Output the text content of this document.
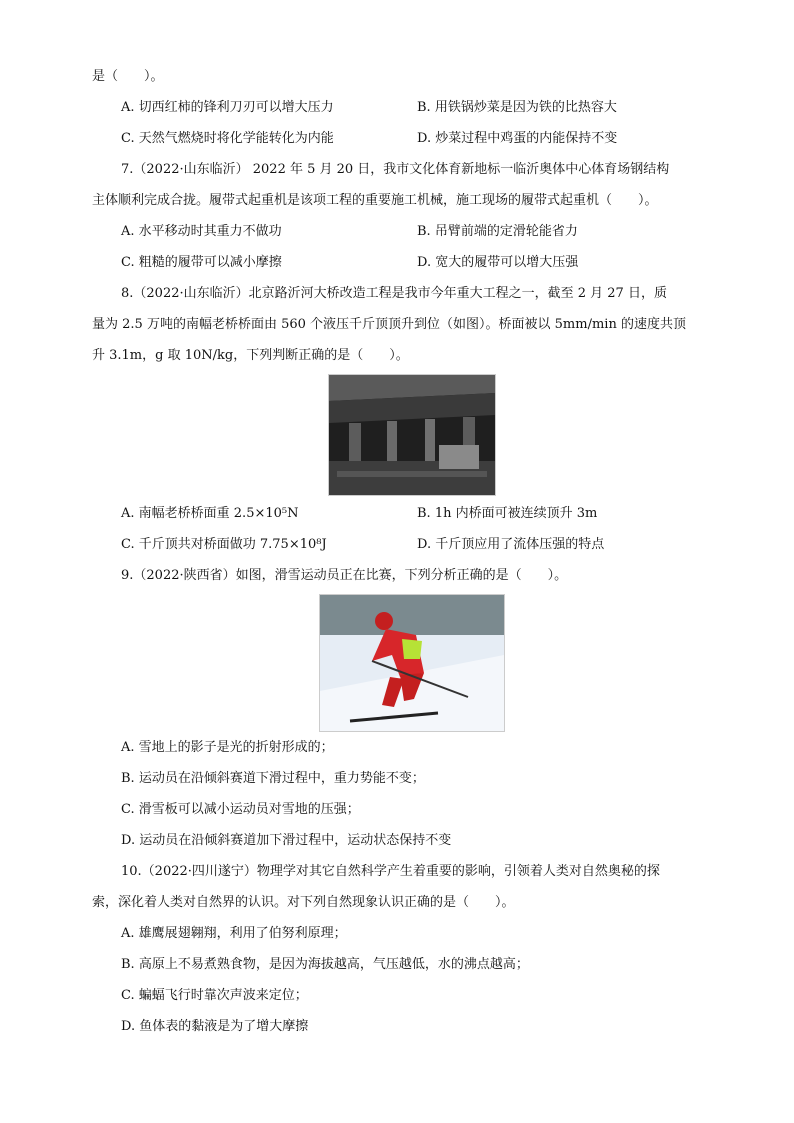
是（　　）。
A. 切西红柿的锋利刀刃可以增大压力	B. 用铁锅炒菜是因为铁的比热容大
C. 天然气燃烧时将化学能转化为内能	D. 炒菜过程中鸡蛋的内能保持不变
7.（2022·山东临沂） 2022 年 5 月 20 日，我市文化体育新地标一临沂奥体中心体育场钢结构
主体顺利完成合拢。履带式起重机是该项工程的重要施工机械，施工现场的履带式起重机（　　）。
A. 水平移动时其重力不做功	B. 吊臂前端的定滑轮能省力
C. 粗糙的履带可以减小摩擦	D. 宽大的履带可以增大压强
8.（2022·山东临沂）北京路沂河大桥改造工程是我市今年重大工程之一，截至 2 月 27 日，质
量为 2.5 万吨的南幅老桥桥面由 560 个液压千斤顶顶升到位（如图）。桥面被以 5mm/min 的速度共顶
升 3.1m，g 取 10N/kg，下列判断正确的是（　　）。
A. 南幅老桥桥面重 2.5×10⁵N	B. 1h 内桥面可被连续顶升 3m
C. 千斤顶共对桥面做功 7.75×10⁸J	D. 千斤顶应用了流体压强的特点
9.（2022·陕西省）如图，滑雪运动员正在比赛，下列分析正确的是（　　）。
A. 雪地上的影子是光的折射形成的；
B. 运动员在沿倾斜赛道下滑过程中，重力势能不变；
C. 滑雪板可以减小运动员对雪地的压强；
D. 运动员在沿倾斜赛道加下滑过程中，运动状态保持不变
10.（2022·四川遂宁）物理学对其它自然科学产生着重要的影响，引领着人类对自然奥秘的探
索，深化着人类对自然界的认识。对下列自然现象认识正确的是（　　）。
A. 雄鹰展翅翱翔，利用了伯努利原理；
B. 高原上不易煮熟食物，是因为海拔越高，气压越低，水的沸点越高；
C. 蝙蝠飞行时靠次声波来定位；
D. 鱼体表的黏液是为了增大摩擦
